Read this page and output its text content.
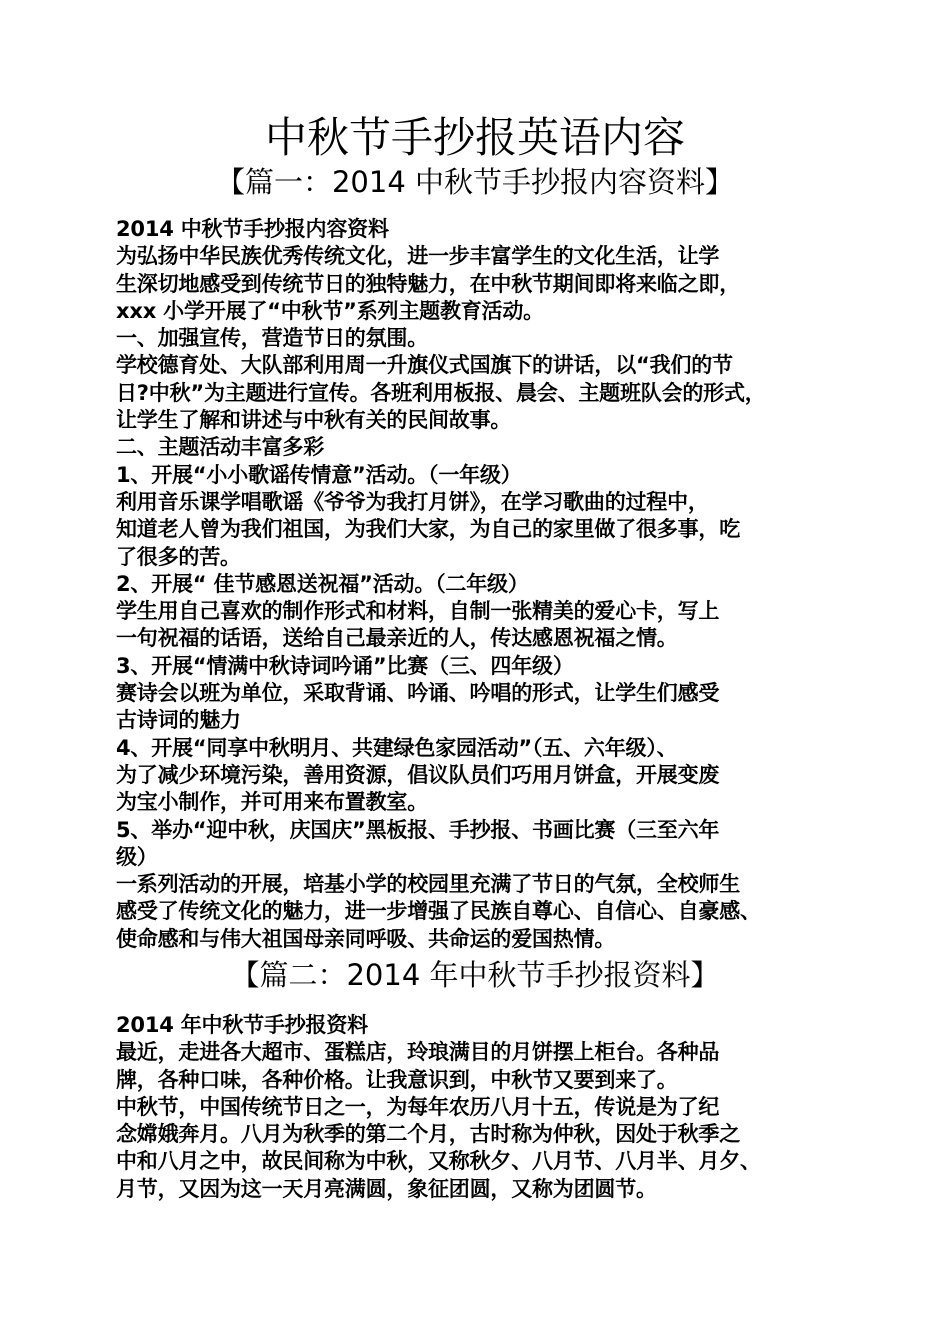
中秋节手抄报英语内容
【篇一：2014 中秋节手抄报内容资料】
2014 中秋节手抄报内容资料
为弘扬中华民族优秀传统文化，进一步丰富学生的文化生活，让学
生深切地感受到传统节日的独特魅力，在中秋节期间即将来临之即，
xxx 小学开展了“中秋节”系列主题教育活动。
一、加强宣传，营造节日的氛围。
学校德育处、大队部利用周一升旗仪式国旗下的讲话，以“我们的节
日?中秋”为主题进行宣传。各班利用板报、晨会、主题班队会的形式，
让学生了解和讲述与中秋有关的民间故事。
二、主题活动丰富多彩
1、开展“小小歌谣传情意”活动。（一年级）
利用音乐课学唱歌谣《爷爷为我打月饼》，在学习歌曲的过程中，
知道老人曾为我们祖国，为我们大家，为自己的家里做了很多事，吃
了很多的苦。
2、开展“ 佳节感恩送祝福”活动。（二年级）
学生用自己喜欢的制作形式和材料，自制一张精美的爱心卡，写上
一句祝福的话语，送给自己最亲近的人，传达感恩祝福之情。
3、开展“情满中秋诗词吟诵”比赛（三、四年级）
赛诗会以班为单位，采取背诵、吟诵、吟唱的形式，让学生们感受
古诗词的魅力
4、开展“同享中秋明月、共建绿色家园活动”（五、六年级）、
为了减少环境污染，善用资源，倡议队员们巧用月饼盒，开展变废
为宝小制作，并可用来布置教室。
5、举办“迎中秋，庆国庆”黑板报、手抄报、书画比赛（三至六年
级）
一系列活动的开展，培基小学的校园里充满了节日的气氛，全校师生
感受了传统文化的魅力，进一步增强了民族自尊心、自信心、自豪感、
使命感和与伟大祖国母亲同呼吸、共命运的爱国热情。
【篇二：2014 年中秋节手抄报资料】
2014 年中秋节手抄报资料
最近，走进各大超市、蛋糕店，玲琅满目的月饼摆上柜台。各种品
牌，各种口味，各种价格。让我意识到，中秋节又要到来了。
中秋节，中国传统节日之一，为每年农历八月十五，传说是为了纪
念嫦娥奔月。八月为秋季的第二个月，古时称为仲秋，因处于秋季之
中和八月之中，故民间称为中秋，又称秋夕、八月节、八月半、月夕、
月节，又因为这一天月亮满圆，象征团圆，又称为团圆节。
